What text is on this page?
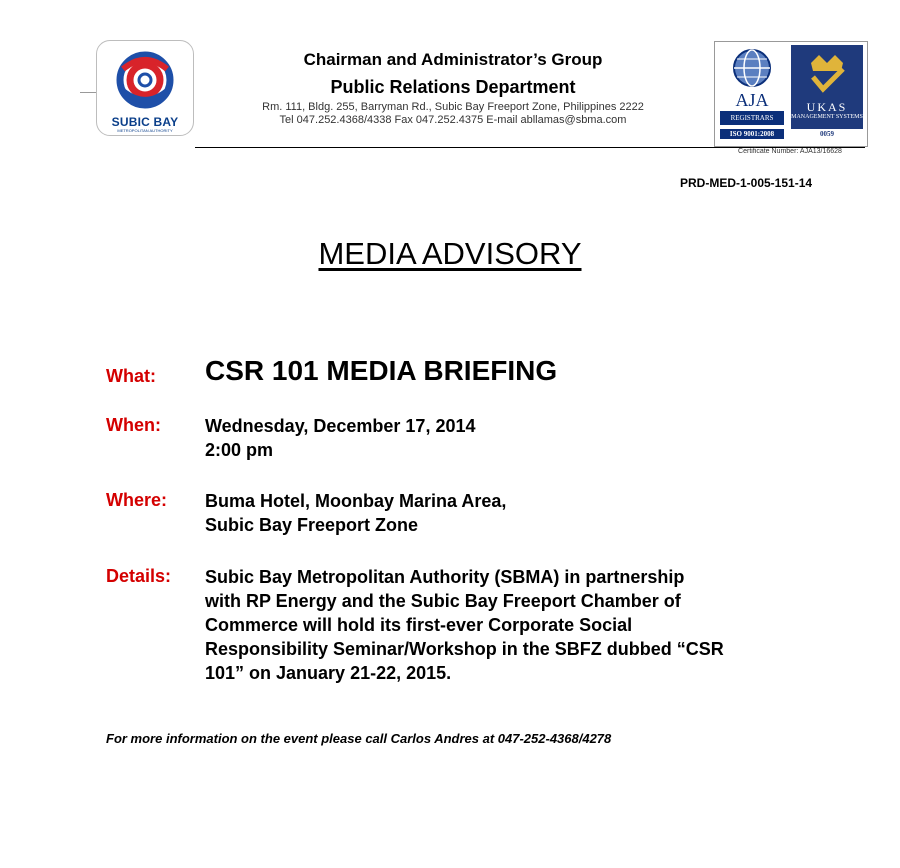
SUBIC BAY
METROPOLITAN AUTHORITY
Chairman and Administrator’s Group
Public Relations Department
Rm. 111, Bldg. 255, Barryman Rd., Subic Bay Freeport Zone, Philippines 2222
Tel 047.252.4368/4338 Fax 047.252.4375 E-mail abllamas@sbma.com
AJA
REGISTRARS
ISO 9001:2008
UKAS
MANAGEMENT SYSTEMS
0059
Certificate Number: AJA13/16628
PRD-MED-1-005-151-14
MEDIA ADVISORY
What: CSR 101 MEDIA BRIEFING
When: Wednesday, December 17, 2014
2:00 pm
Where: Buma Hotel, Moonbay Marina Area,
Subic Bay Freeport Zone
Details: Subic Bay Metropolitan Authority (SBMA) in partnership
with RP Energy and the Subic Bay Freeport Chamber of
Commerce will hold its first-ever Corporate Social
Responsibility Seminar/Workshop in the SBFZ dubbed “CSR
101” on January 21-22, 2015.
For more information on the event please call Carlos Andres at 047-252-4368/4278
